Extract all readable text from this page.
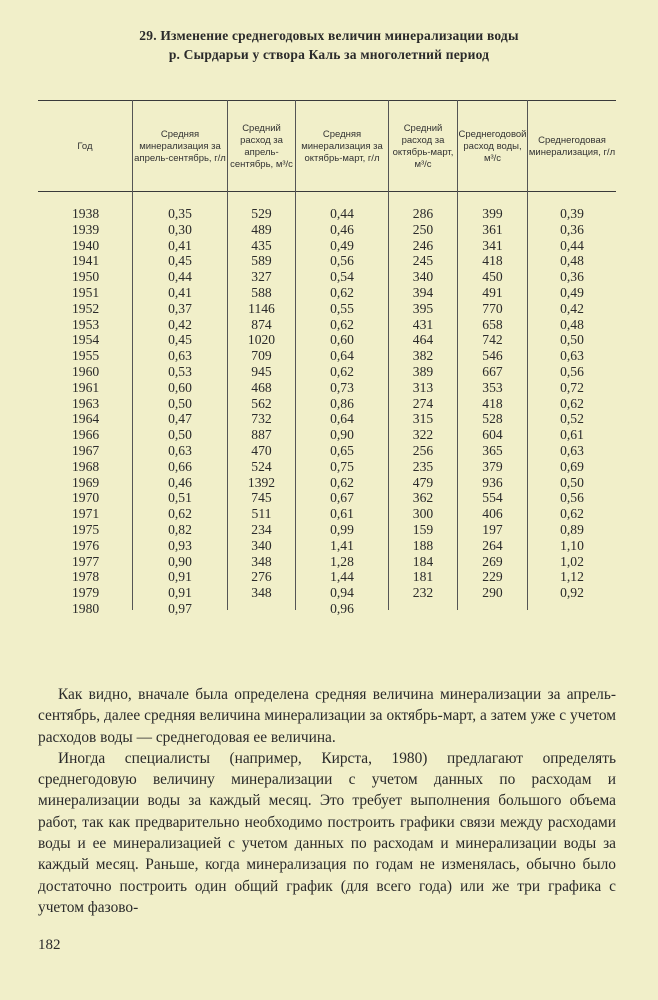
29. Изменение среднегодовых величин минерализации воды
р. Сырдарьи у створа Каль за многолетний период
Год
Средняя минерализация за апрель-сентябрь, г/л
Средний расход за апрель-сентябрь, м³/с
Средняя минерализация за октябрь-март, г/л
Средний расход за октябрь-март, м³/с
Среднегодовой расход воды, м³/с
Среднегодовая минерализация, г/л
1938
1939
1940
1941
1950
1951
1952
1953
1954
1955
1960
1961
1963
1964
1966
1967
1968
1969
1970
1971
1975
1976
1977
1978
1979
1980
0,35
0,30
0,41
0,45
0,44
0,41
0,37
0,42
0,45
0,63
0,53
0,60
0,50
0,47
0,50
0,63
0,66
0,46
0,51
0,62
0,82
0,93
0,90
0,91
0,91
0,97
529
489
435
589
327
588
1146
874
1020
709
945
468
562
732
887
470
524
1392
745
511
234
340
348
276
348
0,44
0,46
0,49
0,56
0,54
0,62
0,55
0,62
0,60
0,64
0,62
0,73
0,86
0,64
0,90
0,65
0,75
0,62
0,67
0,61
0,99
1,41
1,28
1,44
0,94
0,96
286
250
246
245
340
394
395
431
464
382
389
313
274
315
322
256
235
479
362
300
159
188
184
181
232
399
361
341
418
450
491
770
658
742
546
667
353
418
528
604
365
379
936
554
406
197
264
269
229
290
0,39
0,36
0,44
0,48
0,36
0,49
0,42
0,48
0,50
0,63
0,56
0,72
0,62
0,52
0,61
0,63
0,69
0,50
0,56
0,62
0,89
1,10
1,02
1,12
0,92

Как видно, вначале была определена средняя величина минерализации за апрель-сентябрь, далее средняя величина минерализации за октябрь-март, а затем уже с учетом расходов воды — среднегодовая ее величина.

Иногда специалисты (например, Кирста, 1980) предлагают определять среднегодовую величину минерализации с учетом данных по расходам и минерализации воды за каждый месяц. Это требует выполнения большого объема работ, так как предварительно необходимо построить графики связи между расходами воды и ее минерализацией с учетом данных по расходам и минерализации воды за каждый месяц. Раньше, когда минерализация по годам не изменялась, обычно было достаточно построить один общий график (для всего года) или же три графика с учетом фазово-

182
